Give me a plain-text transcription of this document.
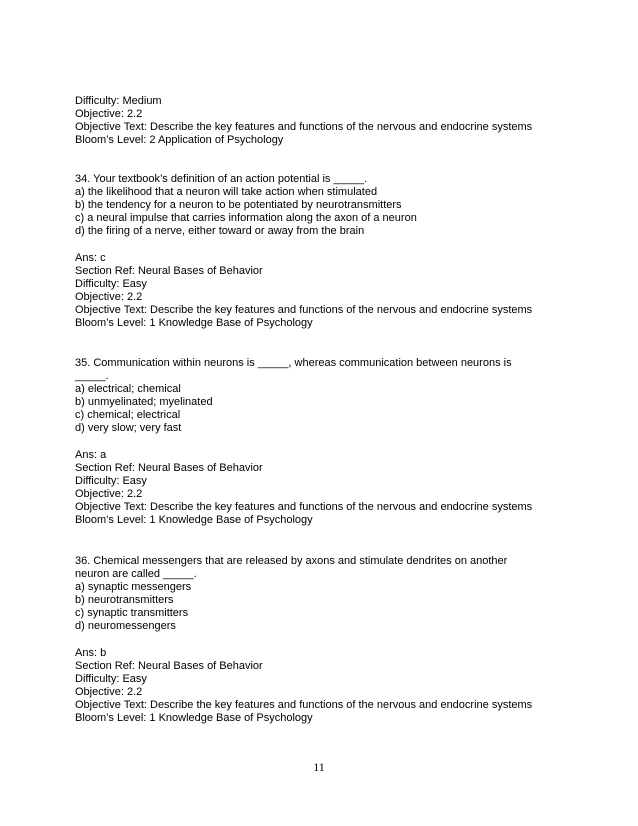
Difficulty: Medium

Objective: 2.2

Objective Text: Describe the key features and functions of the nervous and endocrine systems

Bloom’s Level: 2 Application of Psychology

34. Your textbook’s definition of an action potential is _____.

a) the likelihood that a neuron will take action when stimulated

b) the tendency for a neuron to be potentiated by neurotransmitters

c) a neural impulse that carries information along the axon of a neuron

d) the firing of a nerve, either toward or away from the brain

Ans: c

Section Ref: Neural Bases of Behavior

Difficulty: Easy

Objective: 2.2

Objective Text: Describe the key features and functions of the nervous and endocrine systems

Bloom’s Level: 1 Knowledge Base of Psychology

35. Communication within neurons is _____, whereas communication between neurons is

_____.

a) electrical; chemical

b) unmyelinated; myelinated

c) chemical; electrical

d) very slow; very fast

Ans: a

Section Ref: Neural Bases of Behavior

Difficulty: Easy

Objective: 2.2

Objective Text: Describe the key features and functions of the nervous and endocrine systems

Bloom’s Level: 1 Knowledge Base of Psychology

36. Chemical messengers that are released by axons and stimulate dendrites on another

neuron are called _____.

a) synaptic messengers

b) neurotransmitters

c) synaptic transmitters

d) neuromessengers

Ans: b

Section Ref: Neural Bases of Behavior

Difficulty: Easy

Objective: 2.2

Objective Text: Describe the key features and functions of the nervous and endocrine systems

Bloom’s Level: 1 Knowledge Base of Psychology

11
